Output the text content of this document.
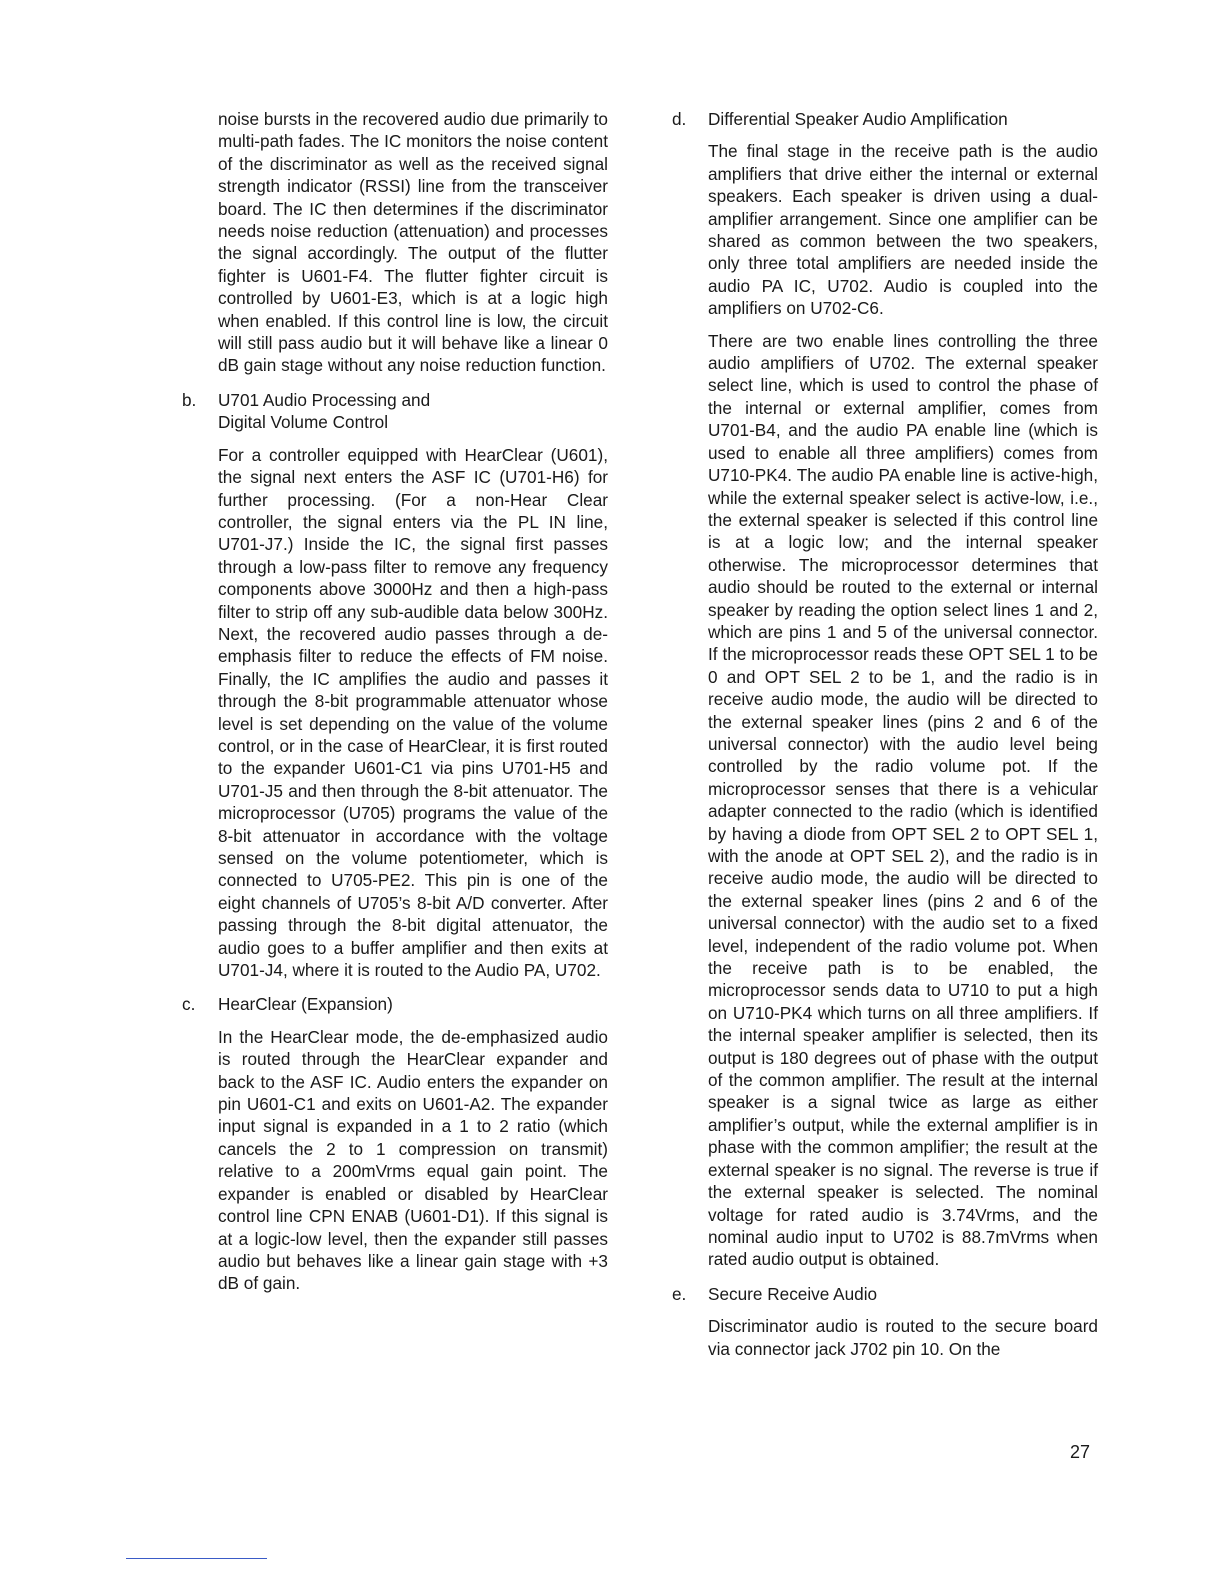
noise bursts in the recovered audio due primarily to multi-path fades. The IC monitors the noise content of the discriminator as well as the received signal strength indicator (RSSI) line from the transceiver board. The IC then determines if the discriminator needs noise reduction (attenuation) and processes the signal accordingly. The output of the flutter fighter is U601-F4. The flutter fighter circuit is controlled by U601-E3, which is at a logic high when enabled. If this control line is low, the circuit will still pass audio but it will behave like a linear 0 dB gain stage without any noise reduction function.

b.	U701 Audio Processing and
Digital Volume Control

For a controller equipped with HearClear (U601), the signal next enters the ASF IC (U701-H6) for further processing. (For a non-Hear Clear controller, the signal enters via the PL IN line, U701-J7.) Inside the IC, the signal first passes through a low-pass filter to remove any frequency components above 3000Hz and then a high-pass filter to strip off any sub-audible data below 300Hz. Next, the recovered audio passes through a de-emphasis filter to reduce the effects of FM noise. Finally, the IC amplifies the audio and passes it through the 8-bit programmable attenuator whose level is set depending on the value of the volume control, or in the case of HearClear, it is first routed to the expander U601-C1 via pins U701-H5 and U701-J5 and then through the 8-bit attenuator. The microprocessor (U705) programs the value of the 8-bit attenuator in accordance with the voltage sensed on the volume potentiometer, which is connected to U705-PE2. This pin is one of the eight channels of U705’s 8-bit A/D converter. After passing through the 8-bit digital attenuator, the audio goes to a buffer amplifier and then exits at U701-J4, where it is routed to the Audio PA, U702.

c.	HearClear (Expansion)

In the HearClear mode, the de-emphasized audio is routed through the HearClear expander and back to the ASF IC. Audio enters the expander on pin U601-C1 and exits on U601-A2. The expander input signal is expanded in a 1 to 2 ratio (which cancels the 2 to 1 compression on transmit) relative to a 200mVrms equal gain point. The expander is enabled or disabled by HearClear control line CPN ENAB (U601-D1). If this signal is at a logic-low level, then the expander still passes audio but behaves like a linear gain stage with +3 dB of gain.

d.	Differential Speaker Audio Amplification

The final stage in the receive path is the audio amplifiers that drive either the internal or external speakers. Each speaker is driven using a dual- amplifier arrangement. Since one amplifier can be shared as common between the two speakers, only three total amplifiers are needed inside the audio PA IC, U702. Audio is coupled into the amplifiers on U702-C6.

There are two enable lines controlling the three audio amplifiers of U702. The external speaker select line, which is used to control the phase of the internal or external amplifier, comes from U701-B4, and the audio PA enable line (which is used to enable all three amplifiers) comes from U710-PK4. The audio PA enable line is active-high, while the external speaker select is active-low, i.e., the external speaker is selected if this control line is at a logic low; and the internal speaker otherwise. The microprocessor determines that audio should be routed to the external or internal speaker by reading the option select lines 1 and 2, which are pins 1 and 5 of the universal connector. If the microprocessor reads these OPT SEL 1 to be 0 and OPT SEL 2 to be 1, and the radio is in receive audio mode, the audio will be directed to the external speaker lines (pins 2 and 6 of the universal connector) with the audio level being controlled by the radio volume pot. If the microprocessor senses that there is a vehicular adapter connected to the radio (which is identified by having a diode from OPT SEL 2 to OPT SEL 1, with the anode at OPT SEL 2), and the radio is in receive audio mode, the audio will be directed to the external speaker lines (pins 2 and 6 of the universal connector) with the audio set to a fixed level, independent of the radio volume pot. When the receive path is to be enabled, the microprocessor sends data to U710 to put a high on U710-PK4 which turns on all three amplifiers. If the internal speaker amplifier is selected, then its output is 180 degrees out of phase with the output of the common amplifier. The result at the internal speaker is a signal twice as large as either amplifier’s output, while the external amplifier is in phase with the common amplifier; the result at the external speaker is no signal. The reverse is true if the external speaker is selected. The nominal voltage for rated audio is 3.74Vrms, and the nominal audio input to U702 is 88.7mVrms when rated audio output is obtained.

e.	Secure Receive Audio

Discriminator audio is routed to the secure board via connector jack J702 pin 10. On the

27
